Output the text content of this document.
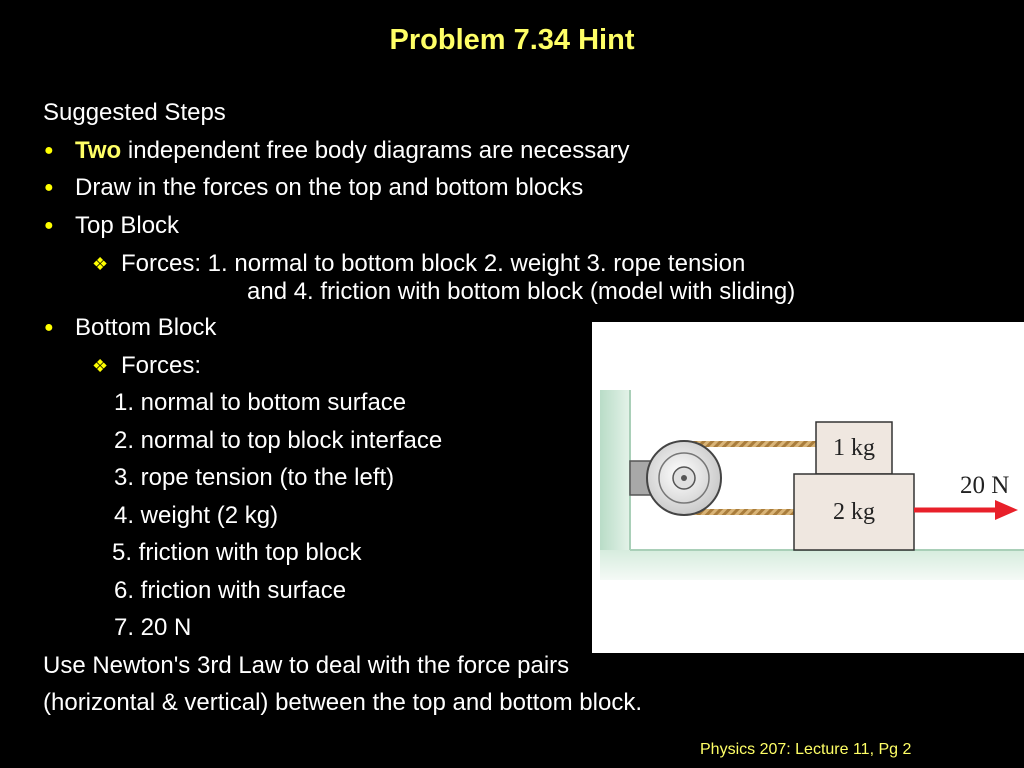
Problem 7.34 Hint
Suggested Steps
● Two independent free body diagrams are necessary
● Draw in the forces on the top and bottom blocks
● Top Block
❖ Forces: 1. normal to bottom block 2. weight 3. rope tension
and 4. friction with bottom block (model with sliding)
● Bottom Block
❖ Forces:
1. normal to bottom surface
2. normal to top block interface
3. rope tension (to the left)
4. weight (2 kg)
5. friction with top block
6. friction with surface
7. 20 N
Use Newton's 3rd Law to deal with the force pairs
(horizontal & vertical) between the top and bottom block.
1 kg
2 kg
20 N
Physics 207: Lecture 11, Pg 2
